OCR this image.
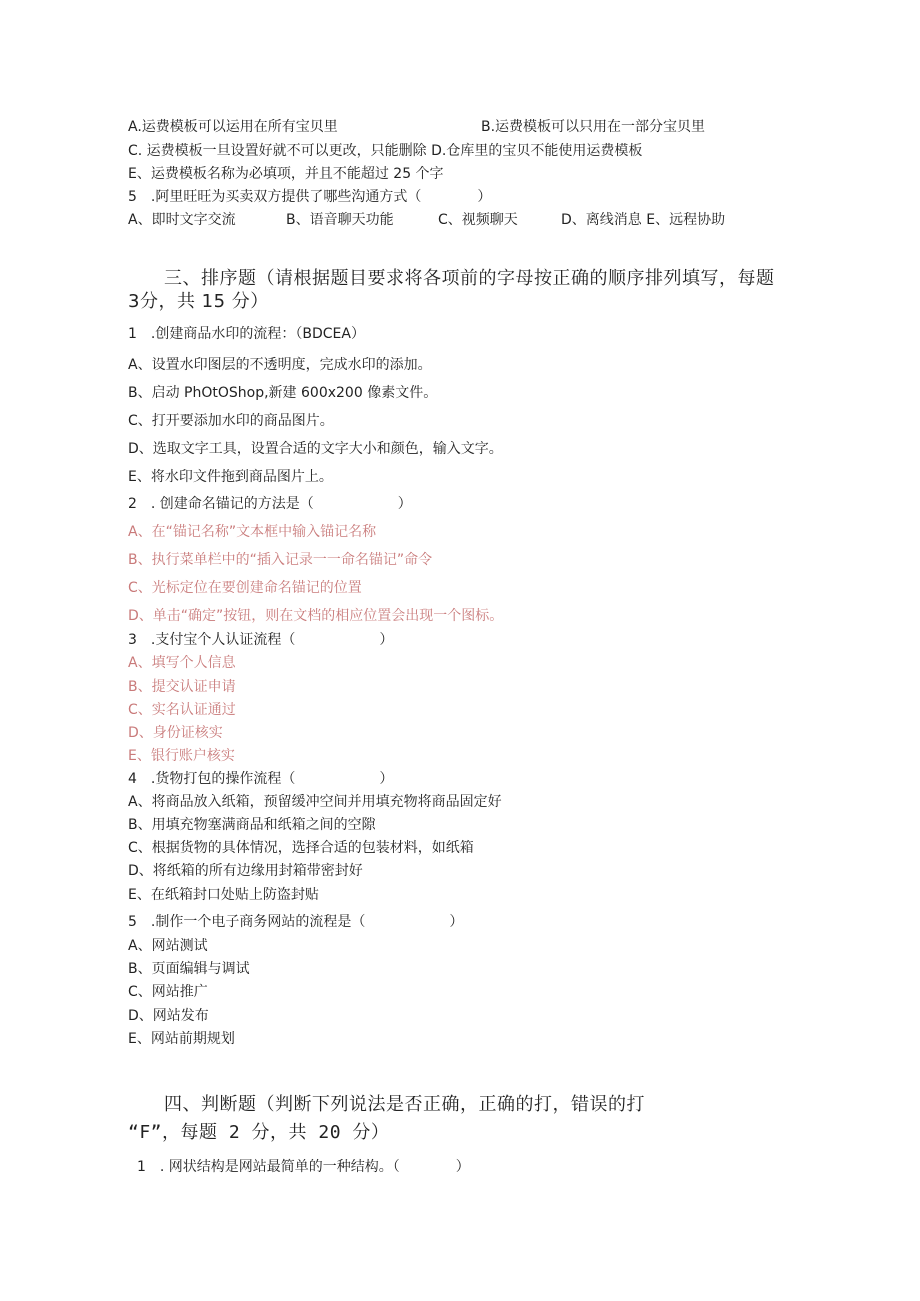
A.运费模板可以运用在所有宝贝里	B.运费模板可以只用在一部分宝贝里
C. 运费模板一旦设置好就不可以更改，只能删除 D.仓库里的宝贝不能使用运费模板
E、运费模板名称为必填项，并且不能超过 25 个字
5　.阿里旺旺为买卖双方提供了哪些沟通方式（　　　　）
A、即时文字交流	B、语音聊天功能	C、视频聊天	D、离线消息 E、远程协助
三、排序题（请根据题目要求将各项前的字母按正确的顺序排列填写，每题
3分，共 15 分）
1　.创建商品水印的流程：（BDCEA）
A、设置水印图层的不透明度，完成水印的添加。
B、启动 PhOtOShop,新建 600x200 像素文件。
C、打开要添加水印的商品图片。
D、选取文字工具，设置合适的文字大小和颜色，输入文字。
E、将水印文件拖到商品图片上。
2　. 创建命名锚记的方法是（　　　　　　）
A、在“锚记名称”文本框中输入锚记名称
B、执行菜单栏中的“插入记录一一命名锚记”命令
C、光标定位在要创建命名锚记的位置
D、单击“确定”按钮，则在文档的相应位置会出现一个图标。
3　.支付宝个人认证流程（　　　　　　）
A、填写个人信息
B、提交认证申请
C、实名认证通过
D、身份证核实
E、银行账户核实
4　.货物打包的操作流程（　　　　　　）
A、将商品放入纸箱，预留缓冲空间并用填充物将商品固定好
B、用填充物塞满商品和纸箱之间的空隙
C、根据货物的具体情况，选择合适的包装材料，如纸箱
D、将纸箱的所有边缘用封箱带密封好
E、在纸箱封口处贴上防盗封贴
5　.制作一个电子商务网站的流程是（　　　　　　）
A、网站测试
B、页面编辑与调试
C、网站推广
D、网站发布
E、网站前期规划
四、判断题（判断下列说法是否正确，正确的打，错误的打
“F”，每题 2 分，共 20 分）
1　. 网状结构是网站最简单的一种结构。（　　　　）
